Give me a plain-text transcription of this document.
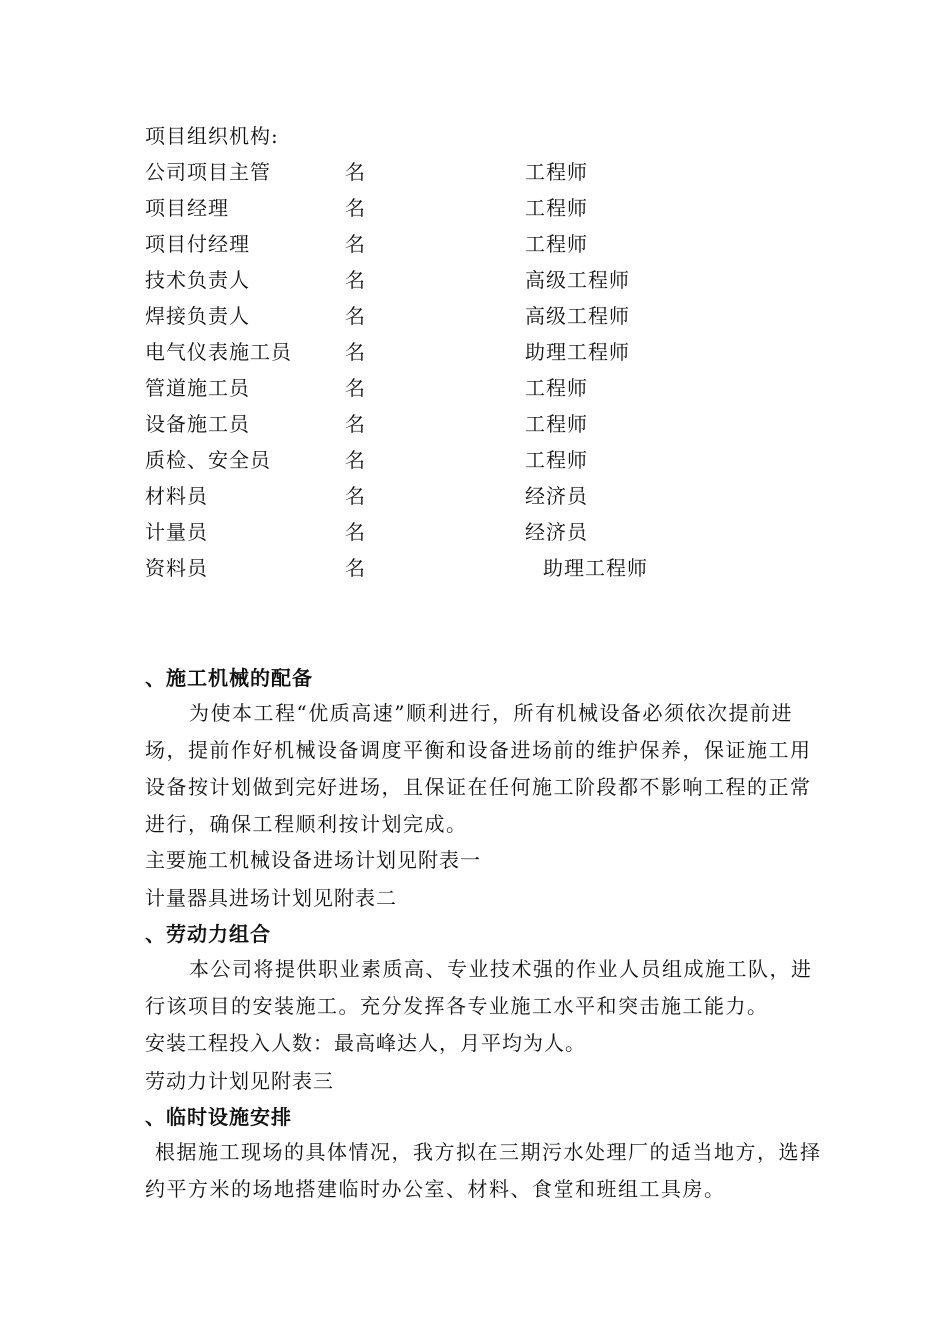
项目组织机构:
公司项目主管	名	工程师
项目经理	名	工程师
项目付经理	名	工程师
技术负责人	名	高级工程师
焊接负责人	名	高级工程师
电气仪表施工员	名	助理工程师
管道施工员	名	工程师
设备施工员	名	工程师
质检、安全员	名	工程师
材料员	名	经济员
计量员	名	经济员
资料员	名	助理工程师
、施工机械的配备
为使本工程“优质高速”顺利进行，所有机械设备必须依次提前进场，提前作好机械设备调度平衡和设备进场前的维护保养，保证施工用设备按计划做到完好进场，且保证在任何施工阶段都不影响工程的正常进行，确保工程顺利按计划完成。
主要施工机械设备进场计划见附表一
计量器具进场计划见附表二
、劳动力组合
本公司将提供职业素质高、专业技术强的作业人员组成施工队，进行该项目的安装施工。充分发挥各专业施工水平和突击施工能力。
安装工程投入人数：最高峰达人，月平均为人。
劳动力计划见附表三
、临时设施安排
根据施工现场的具体情况，我方拟在三期污水处理厂的适当地方，选择约平方米的场地搭建临时办公室、材料、食堂和班组工具房。
